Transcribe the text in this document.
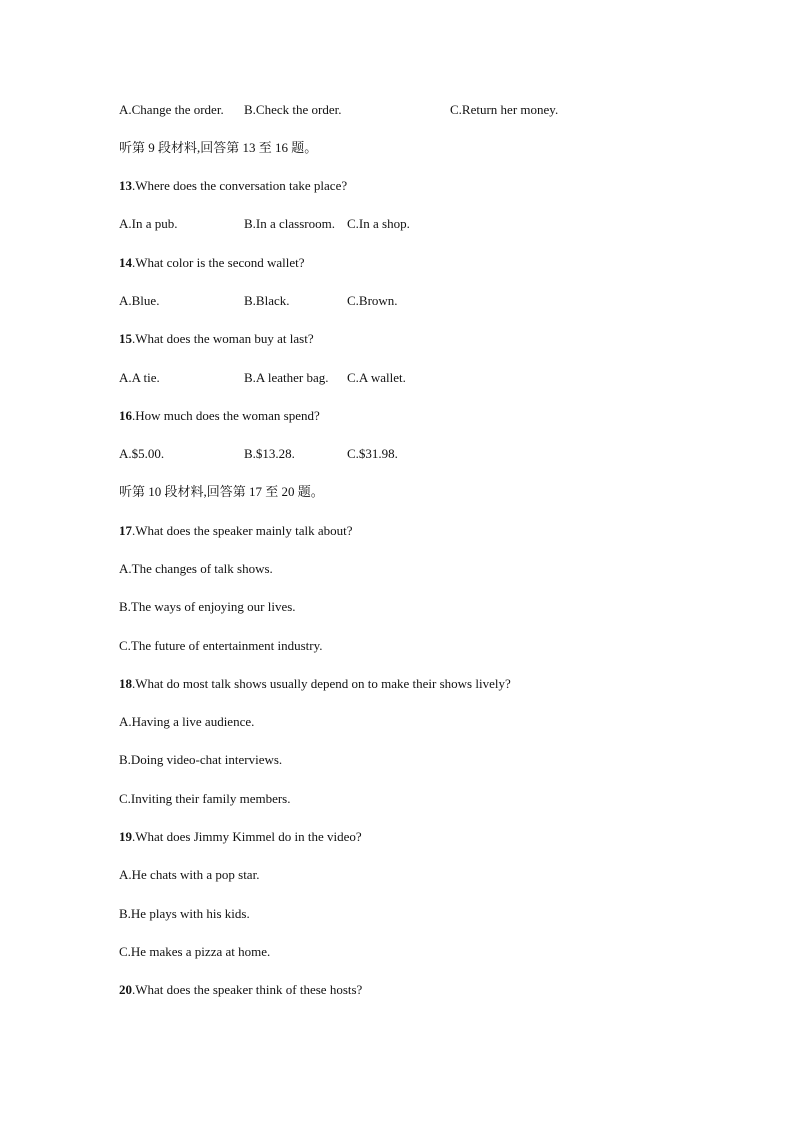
A.Change the order. B.Check the order.	C.Return her money.
听第 9 段材料,回答第 13 至 16 题。
13.Where does the conversation take place?
A.In a pub.	B.In a classroom. C.In a shop.
14.What color is the second wallet?
A.Blue.	B.Black.	C.Brown.
15.What does the woman buy at last?
A.A tie.	B.A leather bag. C.A wallet.
16.How much does the woman spend?
A.$5.00.	B.$13.28.	C.$31.98.
听第 10 段材料,回答第 17 至 20 题。
17.What does the speaker mainly talk about?
A.The changes of talk shows.
B.The ways of enjoying our lives.
C.The future of entertainment industry.
18.What do most talk shows usually depend on to make their shows lively?
A.Having a live audience.
B.Doing video-chat interviews.
C.Inviting their family members.
19.What does Jimmy Kimmel do in the video?
A.He chats with a pop star.
B.He plays with his kids.
C.He makes a pizza at home.
20.What does the speaker think of these hosts?
